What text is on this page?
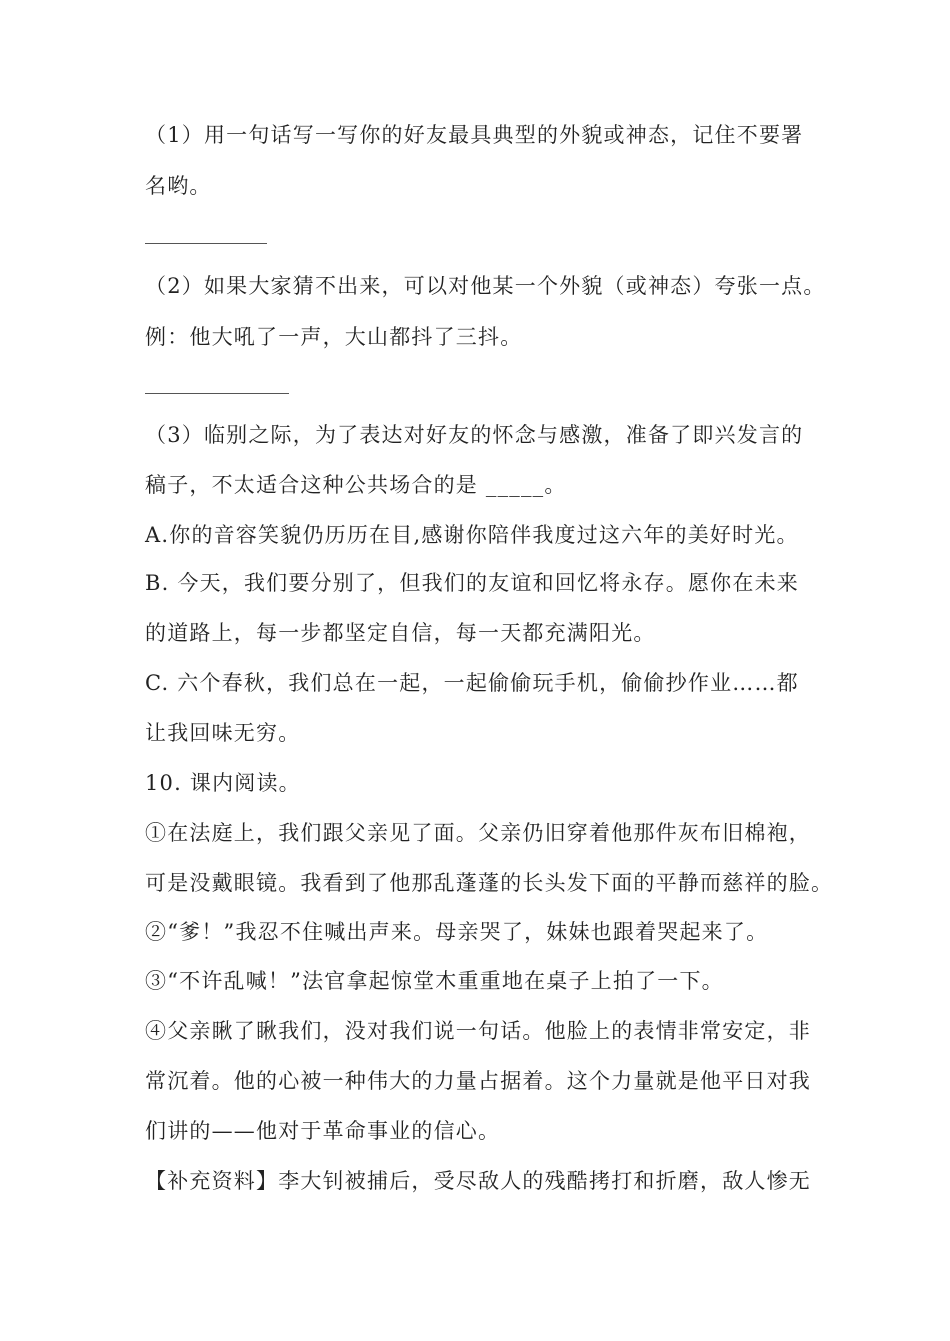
（1）用一句话写一写你的好友最具典型的外貌或神态，记住不要署
名哟。
（2）如果大家猜不出来，可以对他某一个外貌（或神态）夸张一点。
例：他大吼了一声，大山都抖了三抖。
（3）临别之际，为了表达对好友的怀念与感激，准备了即兴发言的
稿子，不太适合这种公共场合的是 _____。
A.你的音容笑貌仍历历在目,感谢你陪伴我度过这六年的美好时光。
B. 今天，我们要分别了，但我们的友谊和回忆将永存。愿你在未来
的道路上，每一步都坚定自信，每一天都充满阳光。
C. 六个春秋，我们总在一起，一起偷偷玩手机，偷偷抄作业……都
让我回味无穷。
10. 课内阅读。
①在法庭上，我们跟父亲见了面。父亲仍旧穿着他那件灰布旧棉袍，
可是没戴眼镜。我看到了他那乱蓬蓬的长头发下面的平静而慈祥的脸。
②“爹！”我忍不住喊出声来。母亲哭了，妹妹也跟着哭起来了。
③“不许乱喊！”法官拿起惊堂木重重地在桌子上拍了一下。
④父亲瞅了瞅我们，没对我们说一句话。他脸上的表情非常安定，非
常沉着。他的心被一种伟大的力量占据着。这个力量就是他平日对我
们讲的——他对于革命事业的信心。
【补充资料】李大钊被捕后，受尽敌人的残酷拷打和折磨，敌人惨无
